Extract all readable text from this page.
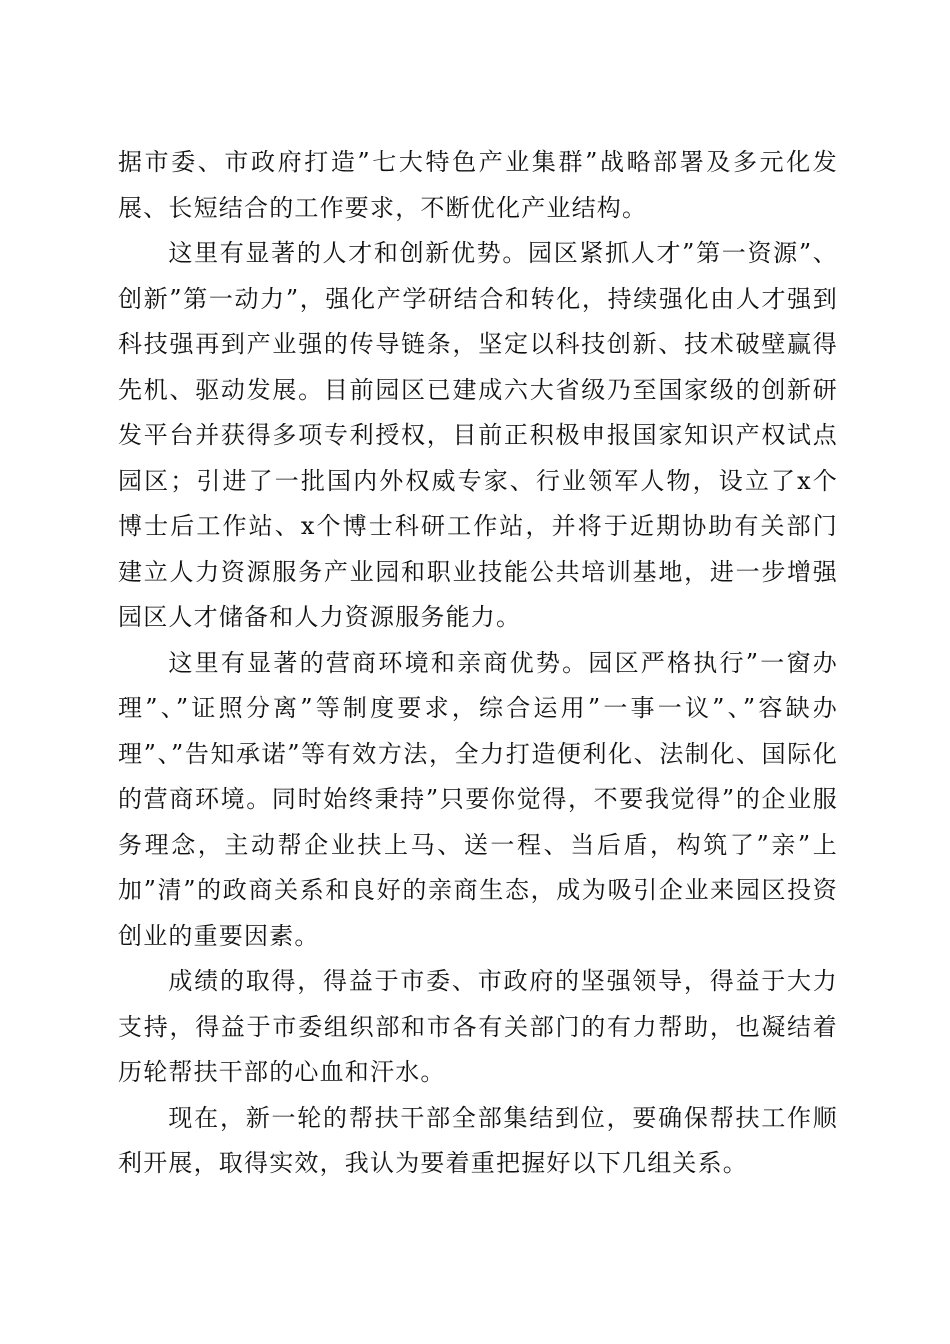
据市委、市政府打造”七大特色产业集群”战略部署及多元化发展、长短结合的工作要求，不断优化产业结构。

这里有显著的人才和创新优势。园区紧抓人才”第一资源”、创新”第一动力”，强化产学研结合和转化，持续强化由人才强到科技强再到产业强的传导链条，坚定以科技创新、技术破壁赢得先机、驱动发展。目前园区已建成六大省级乃至国家级的创新研发平台并获得多项专利授权，目前正积极申报国家知识产权试点园区；引进了一批国内外权威专家、行业领军人物，设立了x个博士后工作站、x个博士科研工作站，并将于近期协助有关部门建立人力资源服务产业园和职业技能公共培训基地，进一步增强园区人才储备和人力资源服务能力。

这里有显著的营商环境和亲商优势。园区严格执行”一窗办理”、”证照分离”等制度要求，综合运用”一事一议”、”容缺办理”、”告知承诺”等有效方法，全力打造便利化、法制化、国际化的营商环境。同时始终秉持”只要你觉得，不要我觉得”的企业服务理念，主动帮企业扶上马、送一程、当后盾，构筑了”亲”上加”清”的政商关系和良好的亲商生态，成为吸引企业来园区投资创业的重要因素。

成绩的取得，得益于市委、市政府的坚强领导，得益于大力支持，得益于市委组织部和市各有关部门的有力帮助，也凝结着历轮帮扶干部的心血和汗水。

现在，新一轮的帮扶干部全部集结到位，要确保帮扶工作顺利开展，取得实效，我认为要着重把握好以下几组关系。
